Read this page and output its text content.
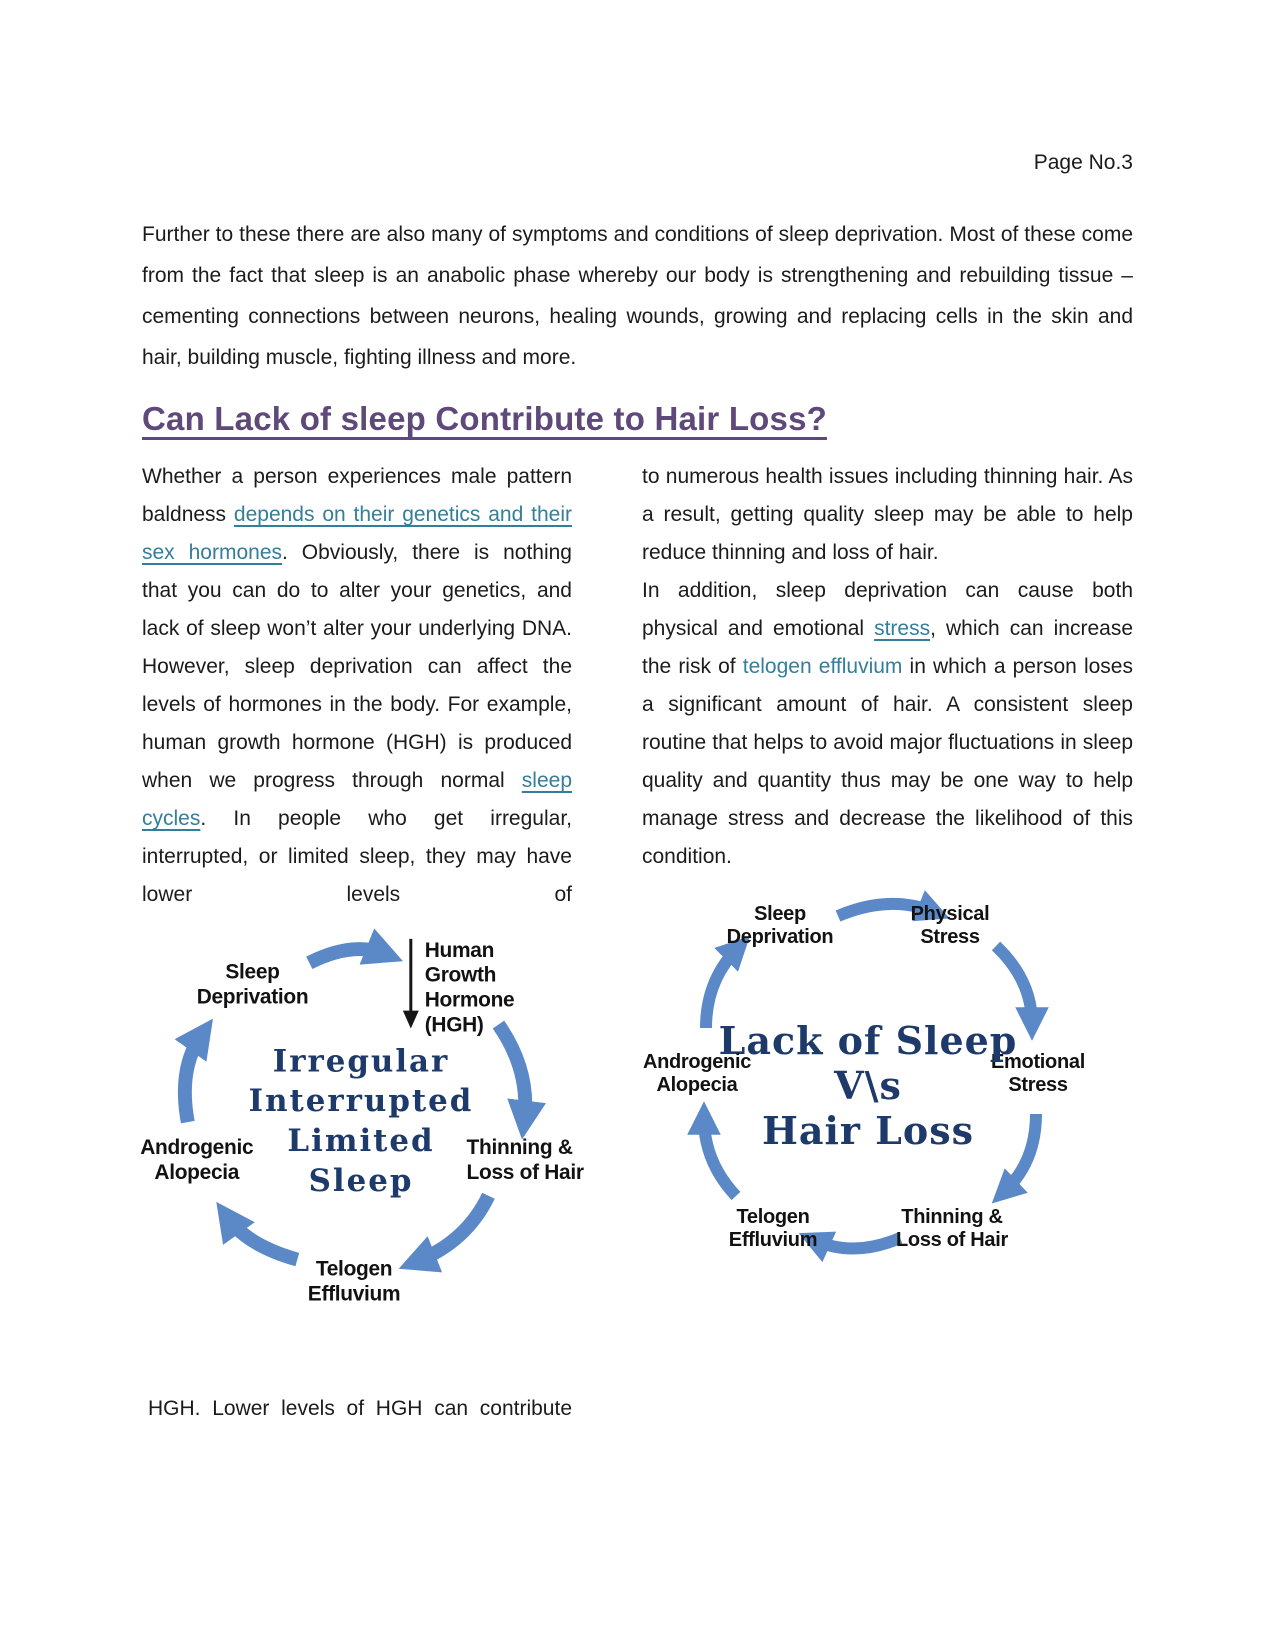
Page No.3

Further to these there are also many of symptoms and conditions of sleep deprivation. Most of these come from the fact that sleep is an anabolic phase whereby our body is strengthening and rebuilding tissue – cementing connections between neurons, healing wounds, growing and replacing cells in the skin and hair, building muscle, fighting illness and more.

Can Lack of sleep Contribute to Hair Loss?

Whether a person experiences male pattern baldness depends on their genetics and their sex hormones. Obviously, there is nothing that you can do to alter your genetics, and lack of sleep won’t alter your underlying DNA. However, sleep deprivation can affect the levels of hormones in the body. For example, human growth hormone (HGH) is produced when we progress through normal sleep cycles. In people who get irregular, interrupted, or limited sleep, they may have lower levels of

Sleep
Deprivation
Human
Growth
Hormone
(HGH)
Irregular
Interrupted
Limited
Sleep
Thinning &
Loss of Hair
Telogen
Effluvium
Androgenic
Alopecia

HGH. Lower levels of HGH can contribute

to numerous health issues including thinning hair. As a result, getting quality sleep may be able to help reduce thinning and loss of hair.

In addition, sleep deprivation can cause both physical and emotional stress, which can increase the risk of telogen effluvium in which a person loses a significant amount of hair. A consistent sleep routine that helps to avoid major fluctuations in sleep quality and quantity thus may be one way to help manage stress and decrease the likelihood of this condition.

Sleep
Deprivation
Physical
Stress
Emotional
Stress
Lack of Sleep
V\s
Hair Loss
Thinning &
Loss of Hair
Telogen
Effluvium
Androgenic
Alopecia
